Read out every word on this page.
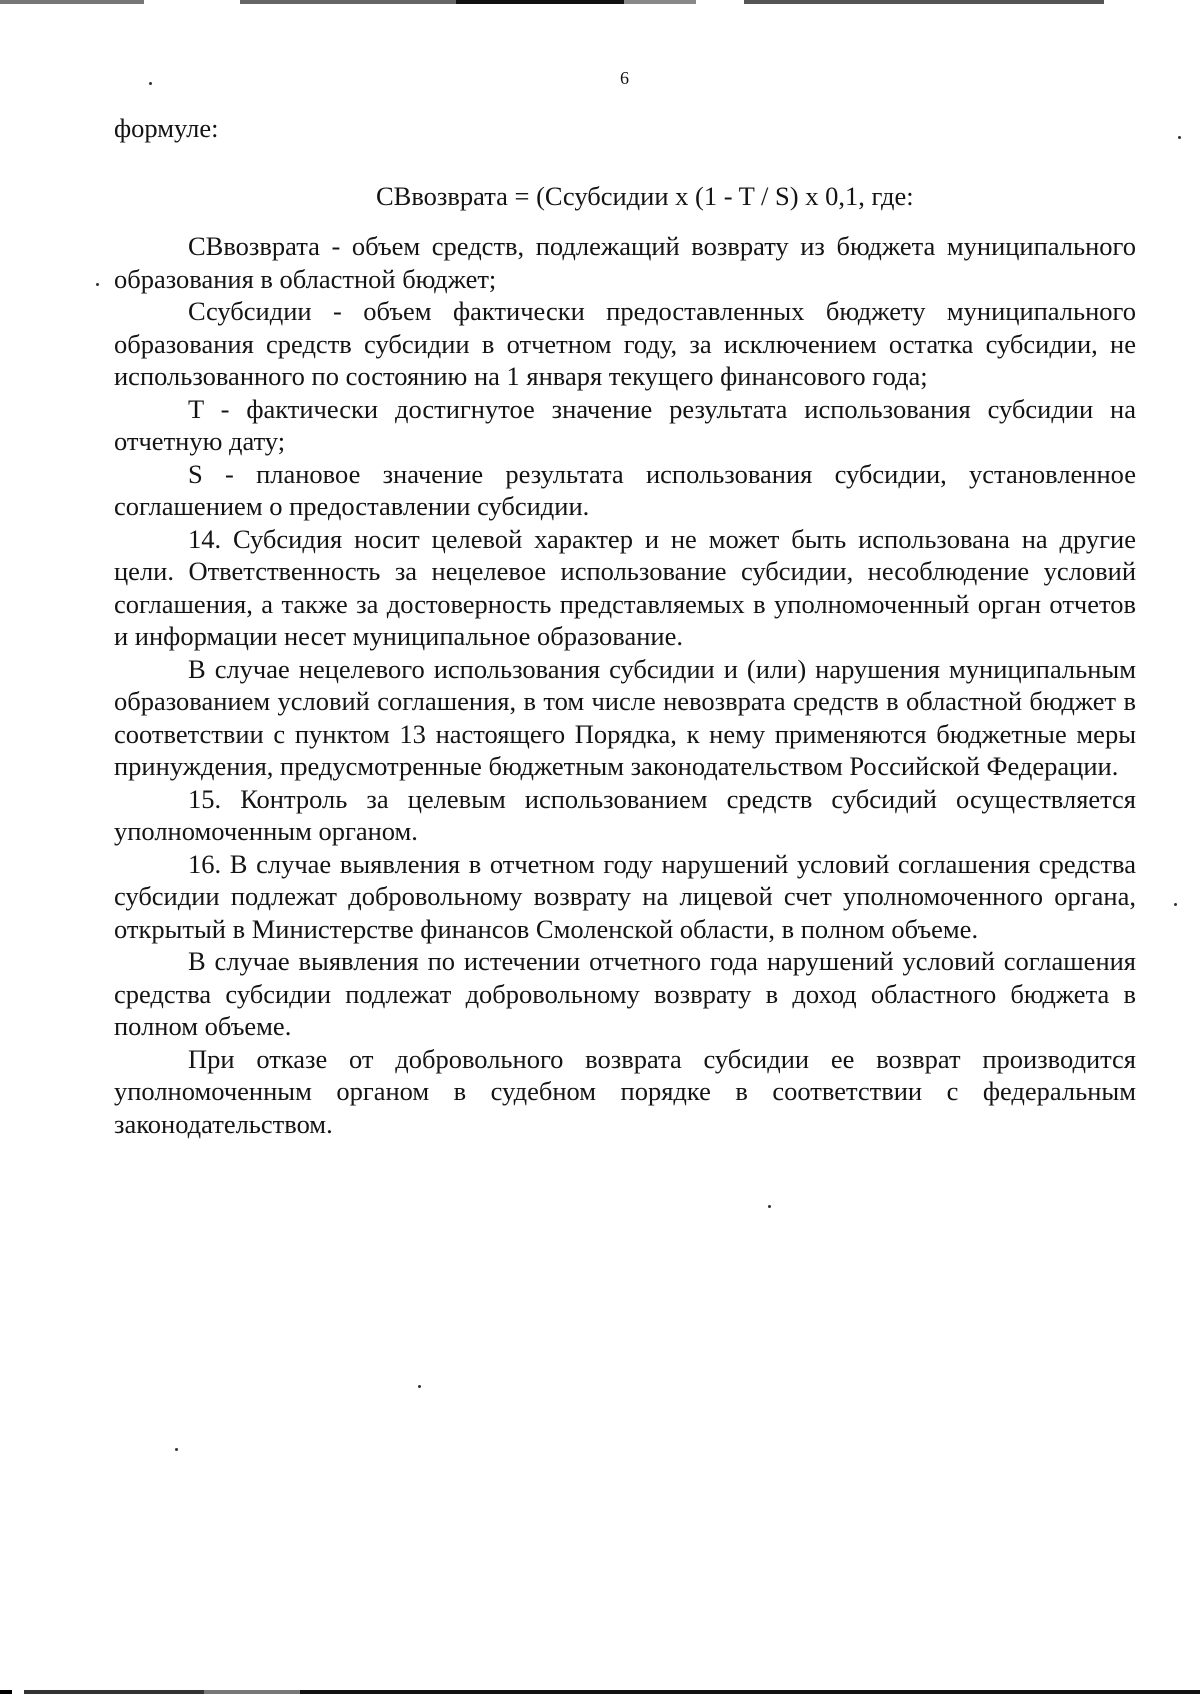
6
формуле:
СВвозврата = (Ссубсидии x (1 - T / S) x 0,1, где:

СВвозврата - объем средств, подлежащий возврату из бюджета муниципального образования в областной бюджет;

Ссубсидии - объем фактически предоставленных бюджету муниципального образования средств субсидии в отчетном году, за исключением остатка субсидии, не использованного по состоянию на 1 января текущего финансового года;

T - фактически достигнутое значение результата использования субсидии на отчетную дату;

S - плановое значение результата использования субсидии, установленное соглашением о предоставлении субсидии.

14. Субсидия носит целевой характер и не может быть использована на другие цели. Ответственность за нецелевое использование субсидии, несоблюдение условий соглашения, а также за достоверность представляемых в уполномоченный орган отчетов и информации несет муниципальное образование.

В случае нецелевого использования субсидии и (или) нарушения муниципальным образованием условий соглашения, в том числе невозврата средств в областной бюджет в соответствии с пунктом 13 настоящего Порядка, к нему применяются бюджетные меры принуждения, предусмотренные бюджетным законодательством Российской Федерации.

15. Контроль за целевым использованием средств субсидий осуществляется уполномоченным органом.

16. В случае выявления в отчетном году нарушений условий соглашения средства субсидии подлежат добровольному возврату на лицевой счет уполномоченного органа, открытый в Министерстве финансов Смоленской области, в полном объеме.

В случае выявления по истечении отчетного года нарушений условий соглашения средства субсидии подлежат добровольному возврату в доход областного бюджета в полном объеме.

При отказе от добровольного возврата субсидии ее возврат производится уполномоченным органом в судебном порядке в соответствии с федеральным законодательством.
